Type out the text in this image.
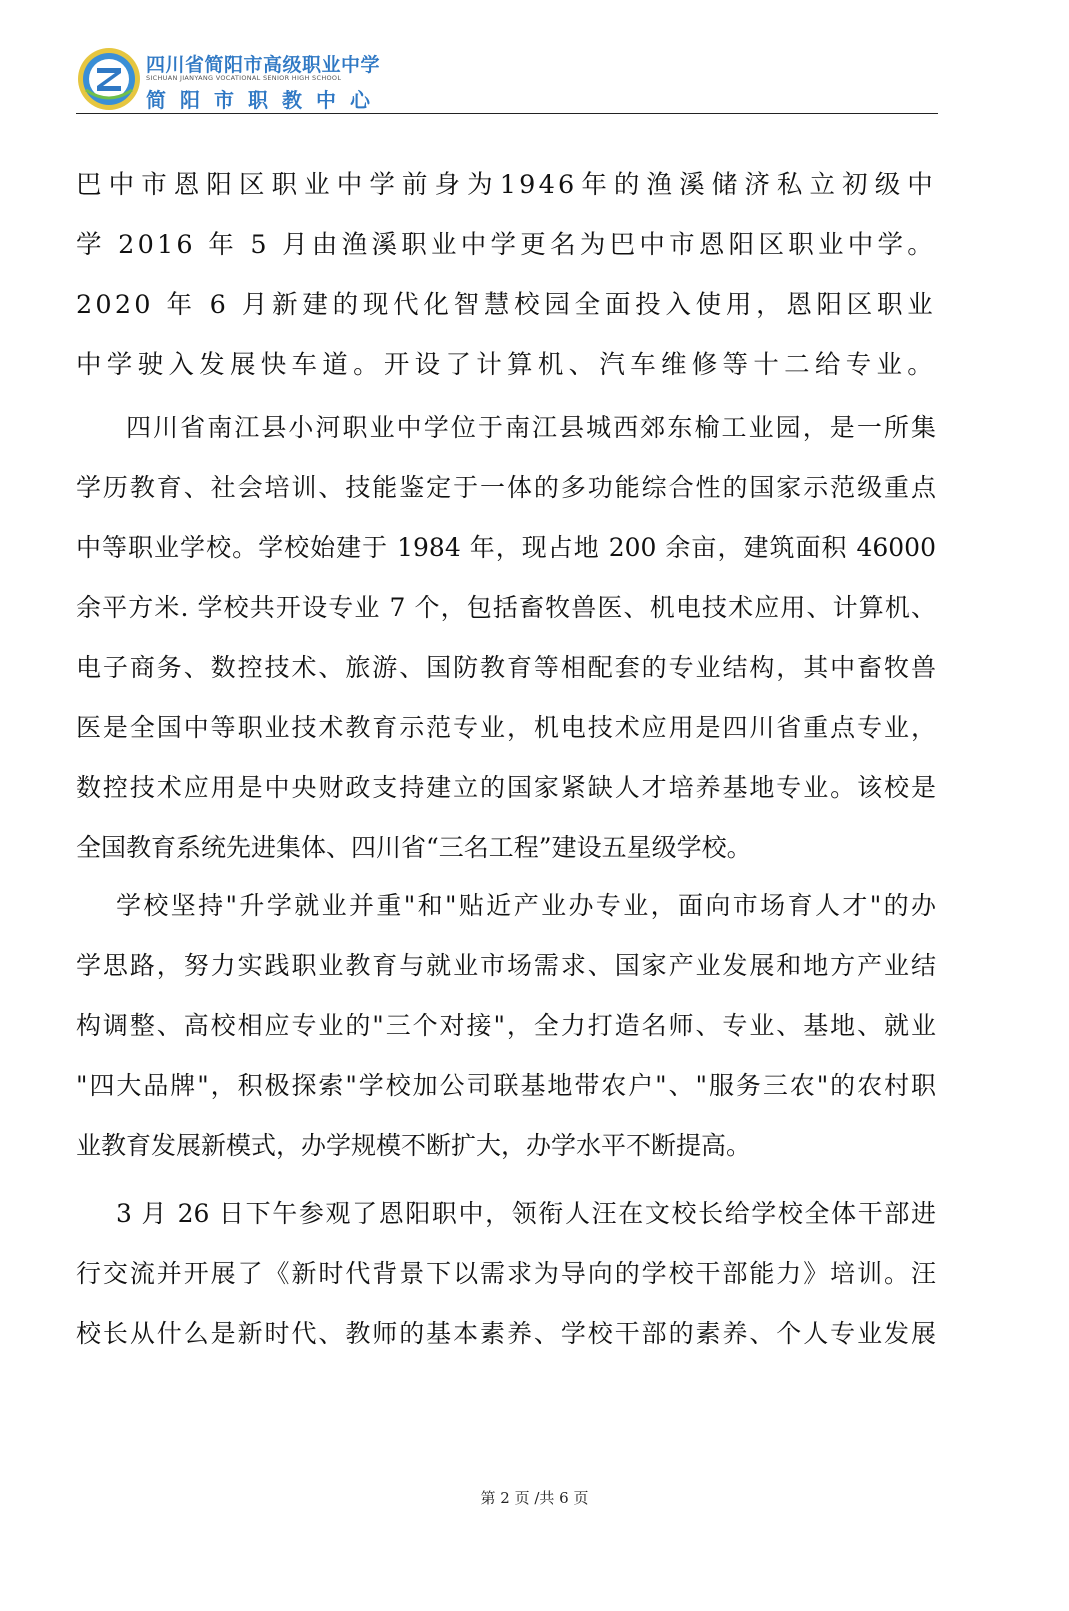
四川省简阳市高级职业中学
SICHUAN JIANYANG VOCATIONAL SENIOR HIGH SCHOOL
简阳市职教中心
巴中市恩阳区职业中学前身为1946年的渔溪储济私立初级中
学 2016 年 5 月由渔溪职业中学更名为巴中市恩阳区职业中学。
2020 年 6 月新建的现代化智慧校园全面投入使用，恩阳区职业
中学驶入发展快车道。开设了计算机、汽车维修等十二给专业。
四川省南江县小河职业中学位于南江县城西郊东榆工业园，是一所集
学历教育、社会培训、技能鉴定于一体的多功能综合性的国家示范级重点
中等职业学校。学校始建于 1984 年，现占地 200 余亩，建筑面积 46000
余平方米. 学校共开设专业 7 个，包括畜牧兽医、机电技术应用、计算机、
电子商务、数控技术、旅游、国防教育等相配套的专业结构，其中畜牧兽
医是全国中等职业技术教育示范专业，机电技术应用是四川省重点专业，
数控技术应用是中央财政支持建立的国家紧缺人才培养基地专业。该校是
全国教育系统先进集体、四川省“三名工程”建设五星级学校。
学校坚持"升学就业并重"和"贴近产业办专业，面向市场育人才"的办
学思路，努力实践职业教育与就业市场需求、国家产业发展和地方产业结
构调整、高校相应专业的"三个对接"，全力打造名师、专业、基地、就业
"四大品牌"，积极探索"学校加公司联基地带农户"、"服务三农"的农村职
业教育发展新模式，办学规模不断扩大，办学水平不断提高。
3 月 26 日下午参观了恩阳职中，领衔人汪在文校长给学校全体干部进
行交流并开展了《新时代背景下以需求为导向的学校干部能力》培训。汪
校长从什么是新时代、教师的基本素养、学校干部的素养、个人专业发展
第 2 页 /共 6 页
